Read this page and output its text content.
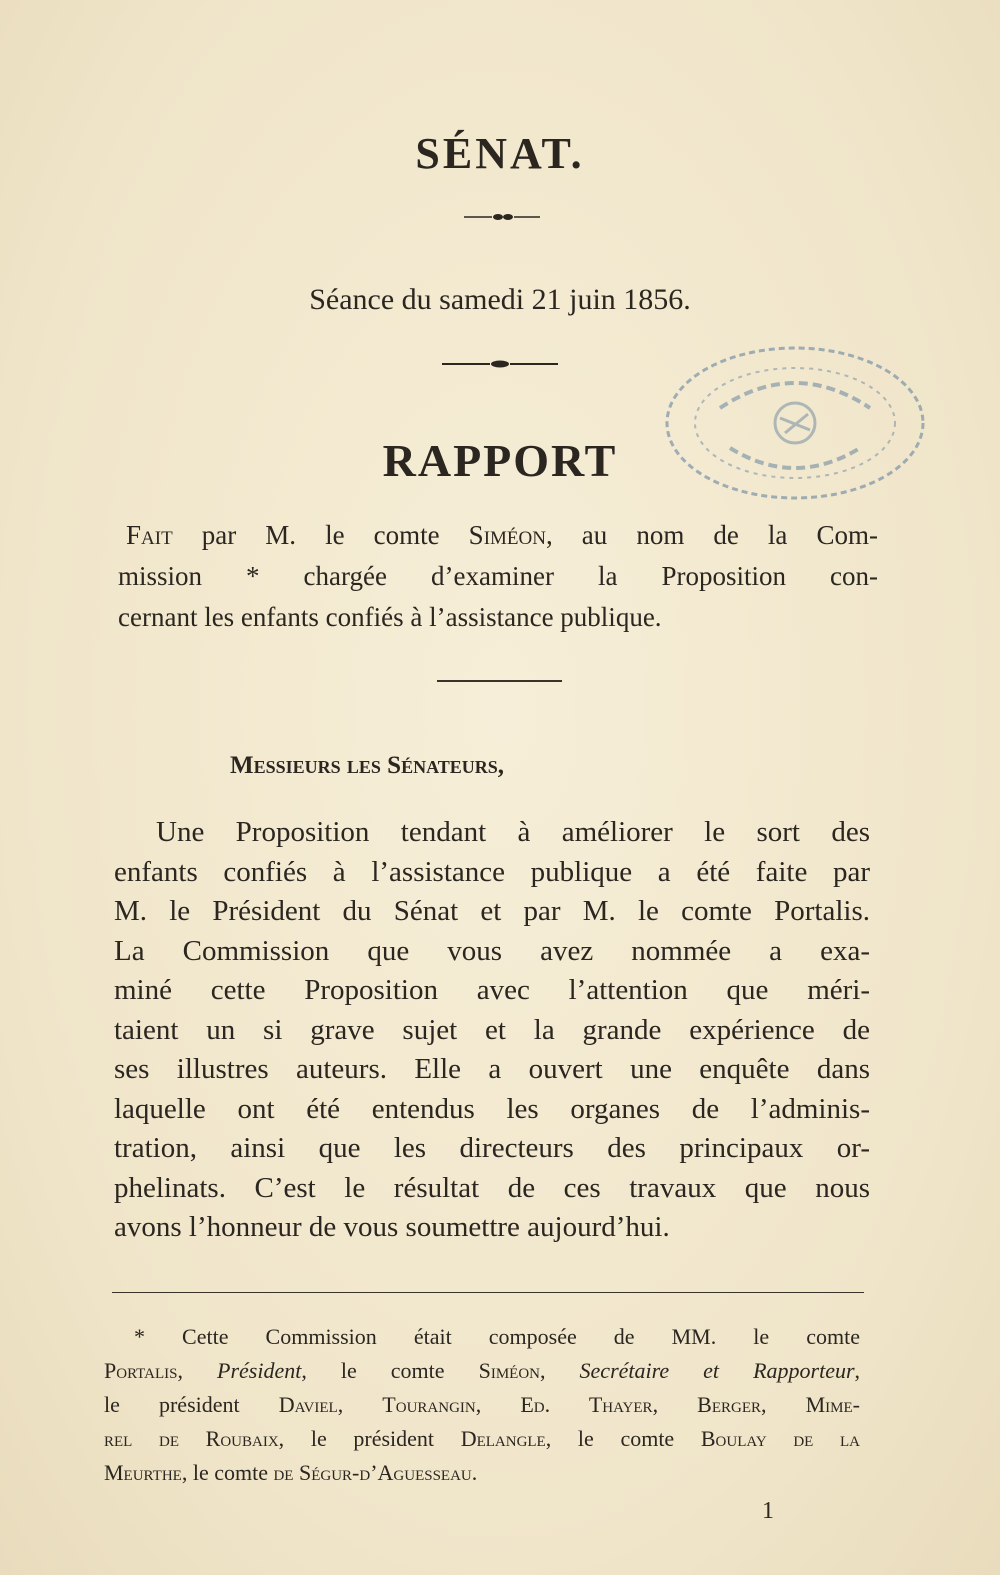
SÉNAT.
Séance du samedi 21 juin 1856.
RAPPORT
Fait par M. le comte Siméon, au nom de la Com-
mission * chargée d’examiner la Proposition con-
cernant les enfants confiés à l’assistance publique.
Messieurs les Sénateurs,
Une Proposition tendant à améliorer le sort des
enfants confiés à l’assistance publique a été faite par
M. le Président du Sénat et par M. le comte Portalis.
La Commission que vous avez nommée a exa-
miné cette Proposition avec l’attention que méri-
taient un si grave sujet et la grande expérience de
ses illustres auteurs. Elle a ouvert une enquête dans
laquelle ont été entendus les organes de l’adminis-
tration, ainsi que les directeurs des principaux or-
phelinats. C’est le résultat de ces travaux que nous
avons l’honneur de vous soumettre aujourd’hui.
* Cette Commission était composée de MM. le comte
Portalis, Président, le comte Siméon, Secrétaire et Rapporteur,
le président Daviel, Tourangin, Ed. Thayer, Berger, Mime-
rel de Roubaix, le président Delangle, le comte Boulay de la
Meurthe, le comte de Ségur-d’Aguesseau.
1
